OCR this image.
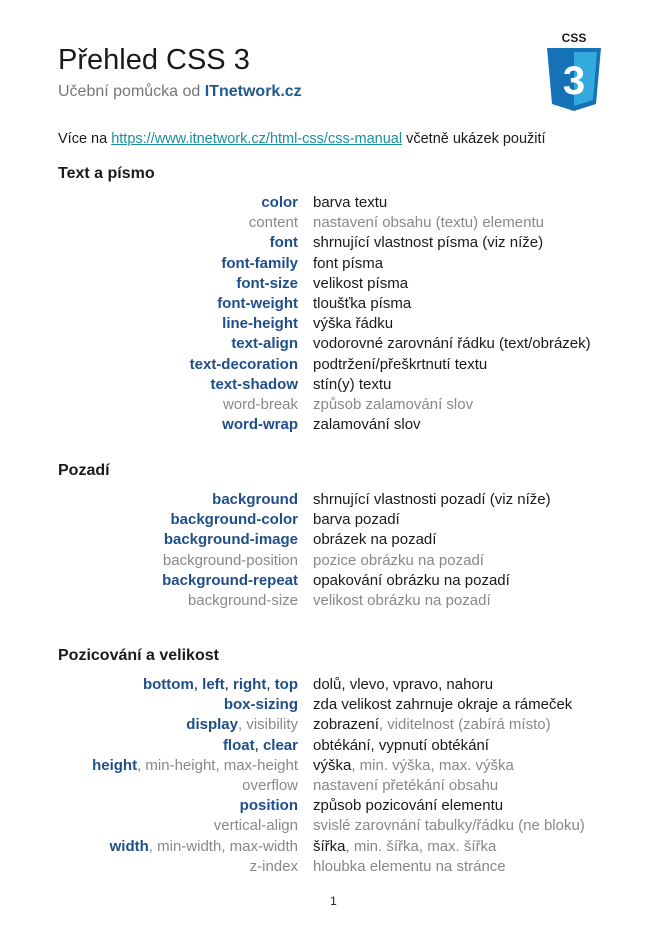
Přehled CSS 3
Učební pomůcka od ITnetwork.cz
CSS
3
Více na https://www.itnetwork.cz/html-css/css-manual včetně ukázek použití
Text a písmo
color barva textu
content nastavení obsahu (textu) elementu
font shrnující vlastnost písma (viz níže)
font-family font písma
font-size velikost písma
font-weight tloušťka písma
line-height výška řádku
text-align vodorovné zarovnání řádku (text/obrázek)
text-decoration podtržení/přeškrtnutí textu
text-shadow stín(y) textu
word-break způsob zalamování slov
word-wrap zalamování slov
Pozadí
background shrnující vlastnosti pozadí (viz níže)
background-color barva pozadí
background-image obrázek na pozadí
background-position pozice obrázku na pozadí
background-repeat opakování obrázku na pozadí
background-size velikost obrázku na pozadí
Pozicování a velikost
bottom, left, right, top dolů, vlevo, vpravo, nahoru
box-sizing zda velikost zahrnuje okraje a rámeček
display, visibility zobrazení, viditelnost (zabírá místo)
float, clear obtékání, vypnutí obtékání
height, min-height, max-height výška, min. výška, max. výška
overflow nastavení přetékání obsahu
position způsob pozicování elementu
vertical-align svislé zarovnání tabulky/řádku (ne bloku)
width, min-width, max-width šířka, min. šířka, max. šířka
z-index hloubka elementu na stránce
1
